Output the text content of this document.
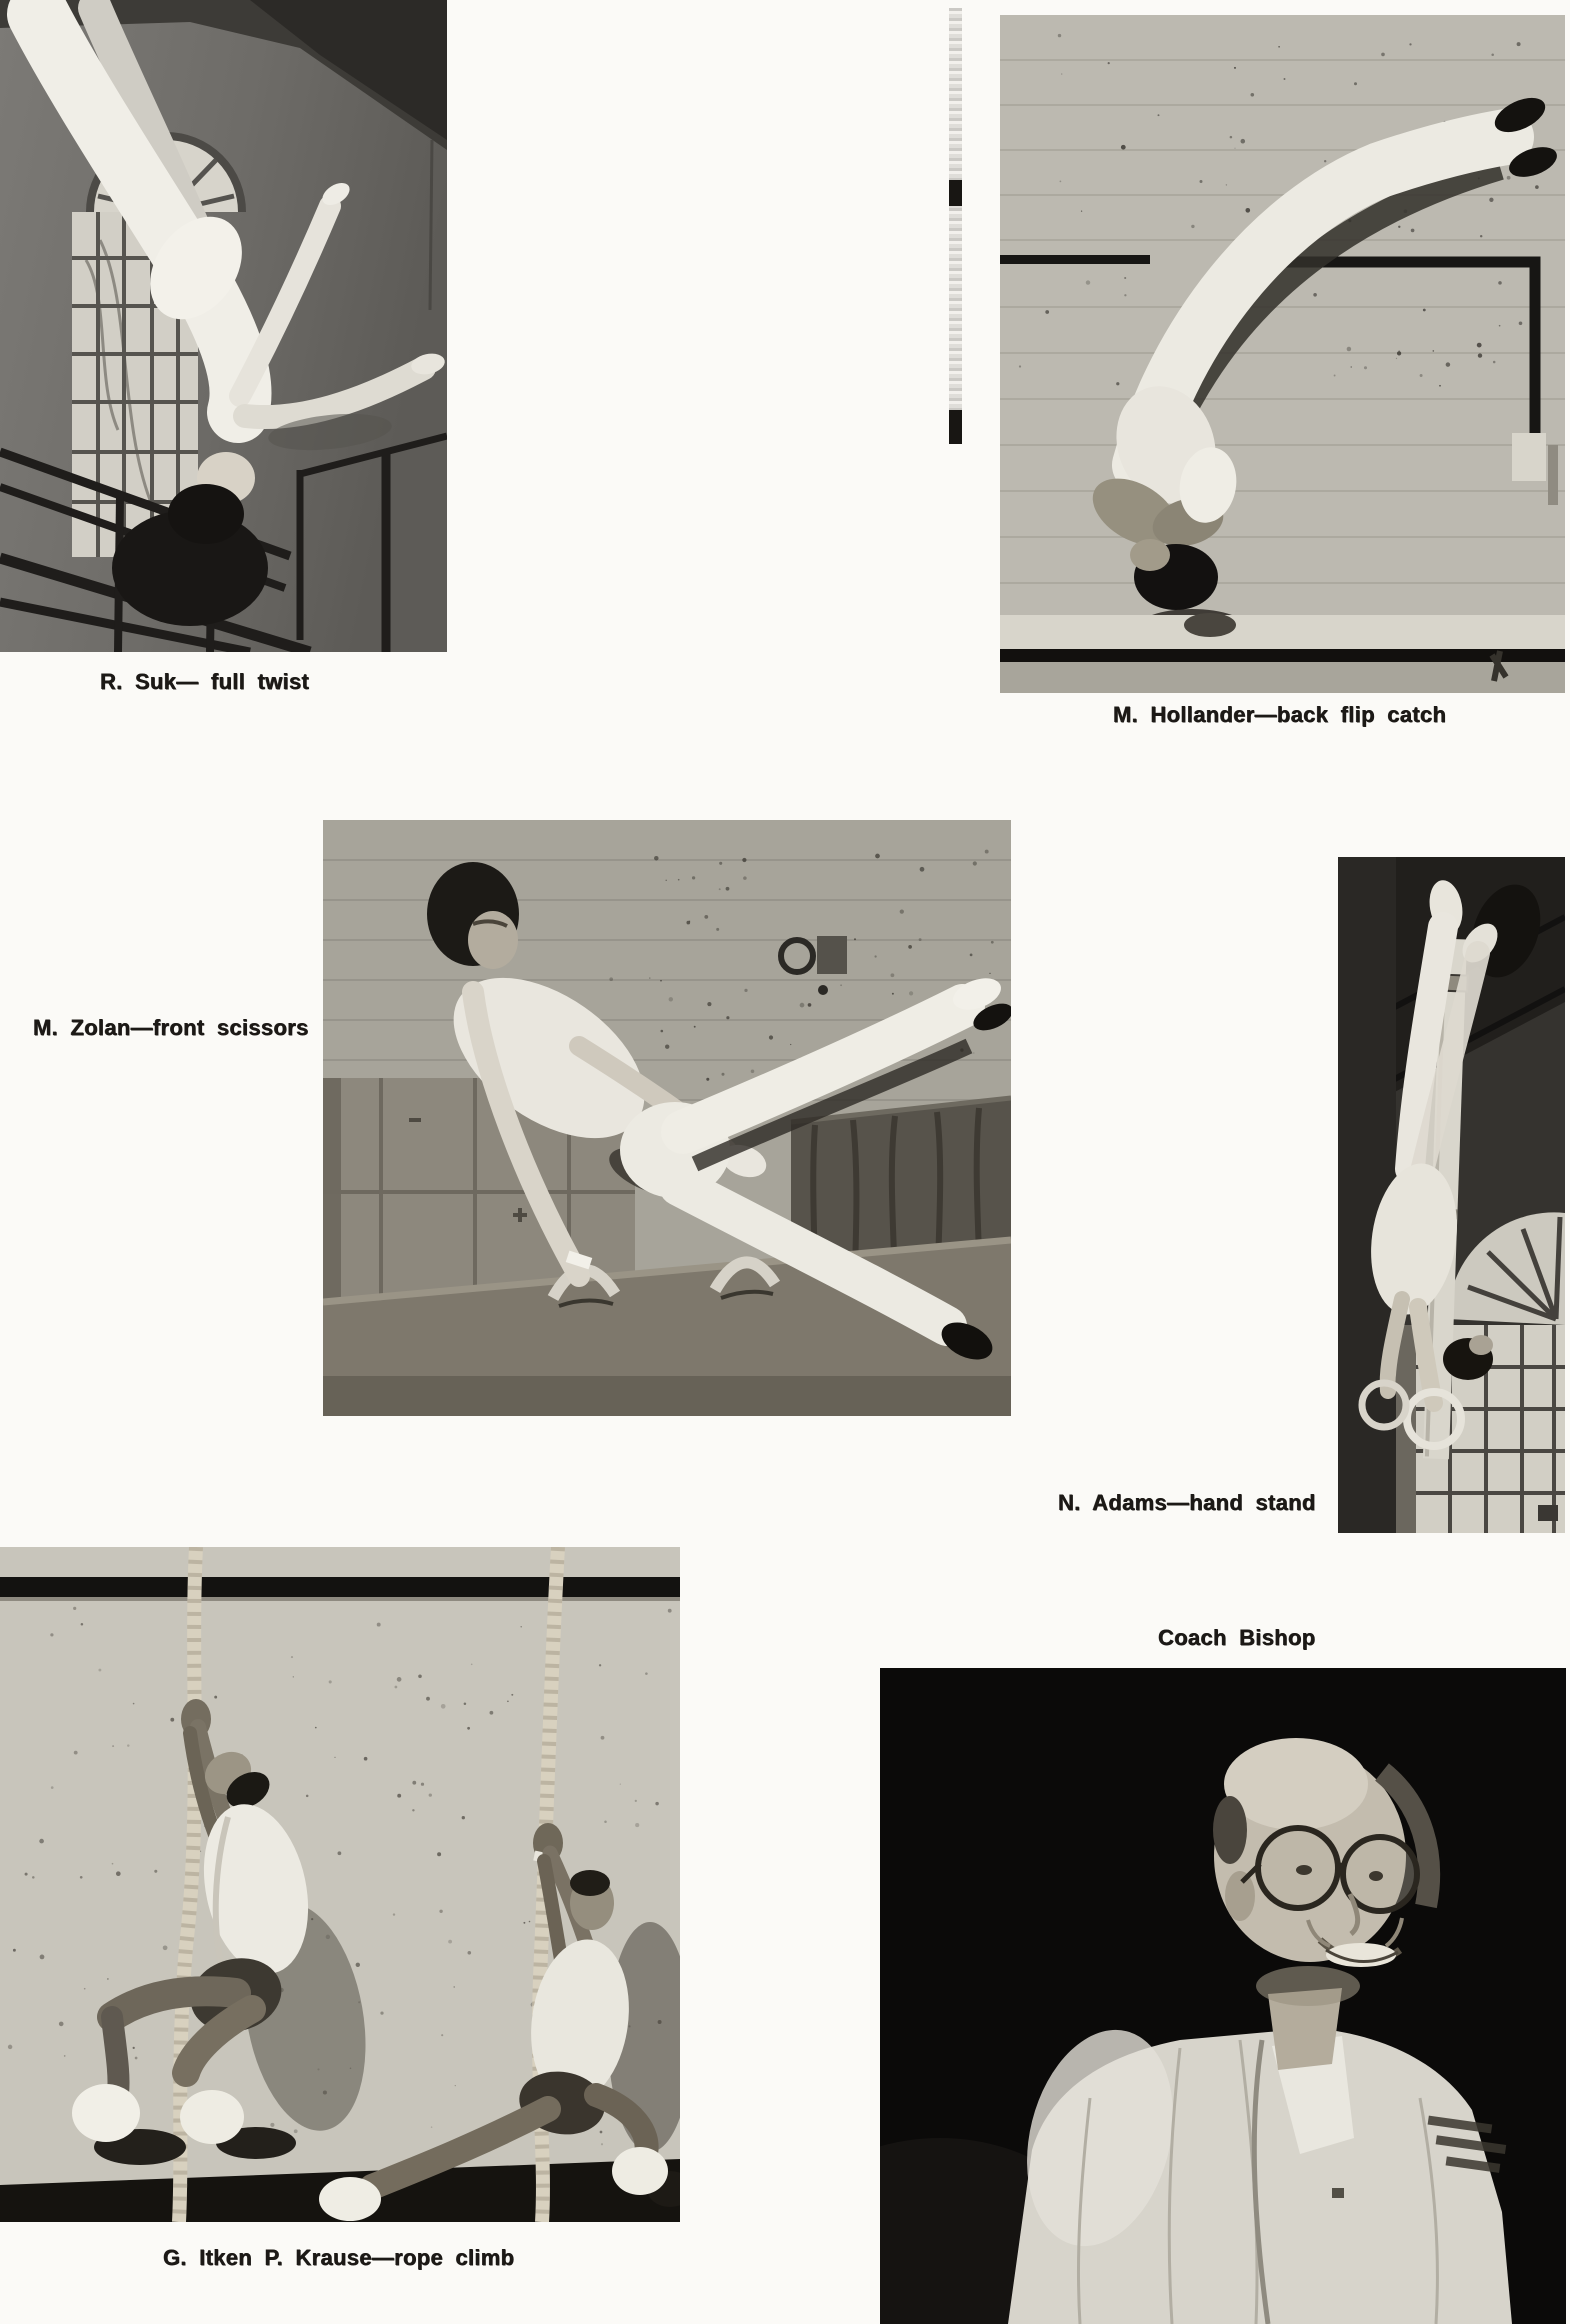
R. Suk— full twist
M. Hollander—back flip catch
M. Zolan—front scissors
N. Adams—hand stand
Coach Bishop
G. Itken P. Krause—rope climb
